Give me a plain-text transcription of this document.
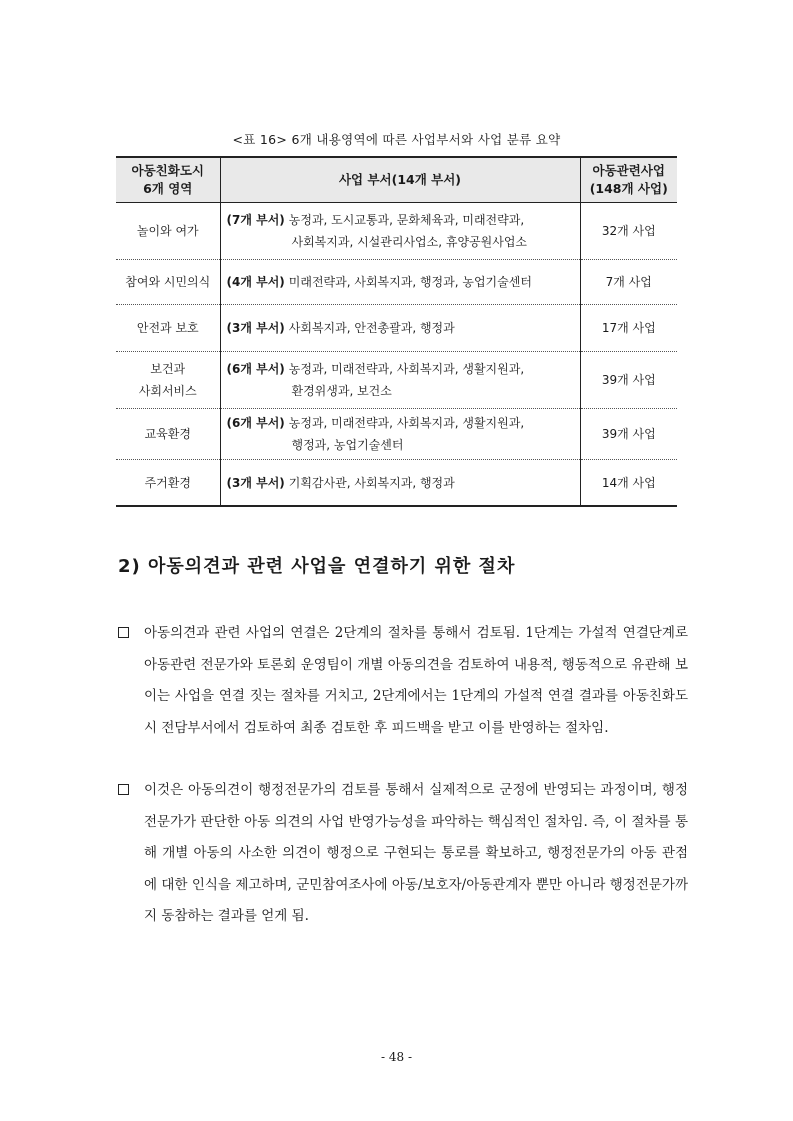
<표 16> 6개 내용영역에 따른 사업부서와 사업 분류 요약
아동친화도시
6개 영역	사업 부서(14개 부서)	아동관련사업
(148개 사업)

놀이와 여가	(7개 부서) 농정과, 도시교통과, 문화체육과, 미래전략과,
사회복지과, 시설관리사업소, 휴양공원사업소	32개 사업

참여와 시민의식	(4개 부서) 미래전략과, 사회복지과, 행정과, 농업기술센터	7개 사업

안전과 보호	(3개 부서) 사회복지과, 안전총괄과, 행정과	17개 사업

보건과
사회서비스	(6개 부서) 농정과, 미래전략과, 사회복지과, 생활지원과,
환경위생과, 보건소	39개 사업

교육환경	(6개 부서) 농정과, 미래전략과, 사회복지과, 생활지원과,
행정과, 농업기술센터	39개 사업

주거환경	(3개 부서) 기획감사관, 사회복지과, 행정과	14개 사업
2) 아동의견과 관련 사업을 연결하기 위한 절차
아동의견과 관련 사업의 연결은 2단계의 절차를 통해서 검토됨. 1단계는 가설적 연결단계로 아동관련 전문가와 토론회 운영팀이 개별 아동의견을 검토하여 내용적, 행동적으로 유관해 보이는 사업을 연결 짓는 절차를 거치고, 2단계에서는 1단계의 가설적 연결 결과를 아동친화도시 전담부서에서 검토하여 최종 검토한 후 피드백을 받고 이를 반영하는 절차임.
이것은 아동의견이 행정전문가의 검토를 통해서 실제적으로 군정에 반영되는 과정이며, 행정전문가가 판단한 아동 의견의 사업 반영가능성을 파악하는 핵심적인 절차임. 즉, 이 절차를 통해 개별 아동의 사소한 의견이 행정으로 구현되는 통로를 확보하고, 행정전문가의 아동 관점에 대한 인식을 제고하며, 군민참여조사에 아동/보호자/아동관계자 뿐만 아니라 행정전문가까지 동참하는 결과를 얻게 됨.
- 48 -
